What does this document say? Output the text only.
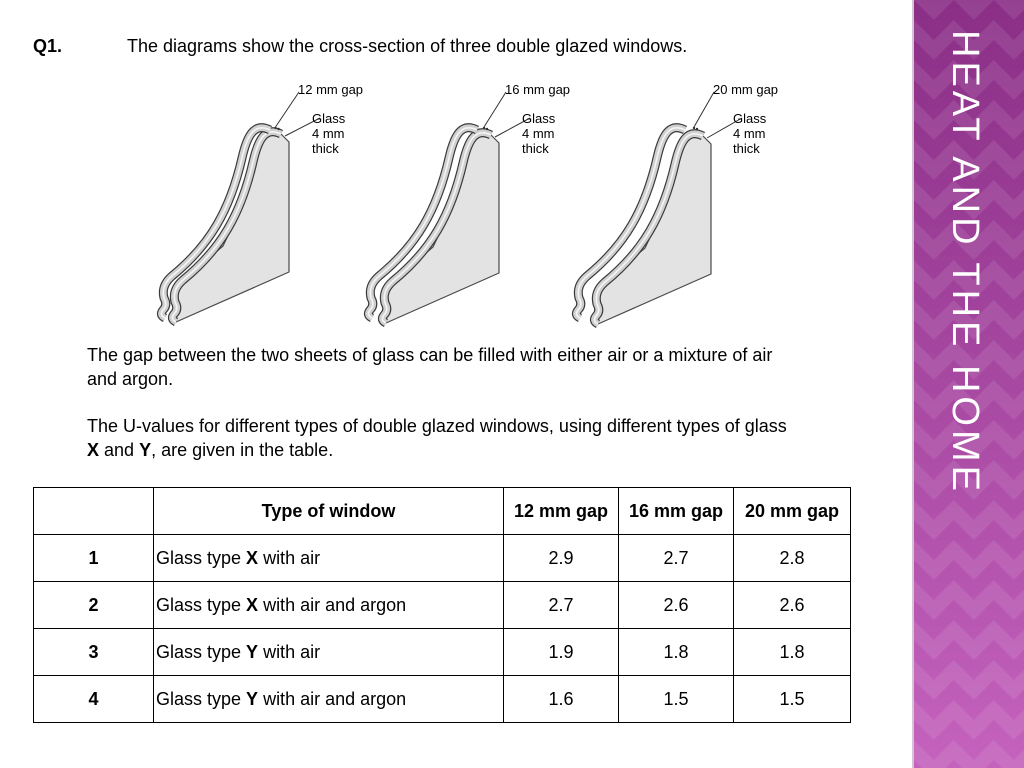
HEAT AND THE HOME
Q1.	The diagrams show the cross-section of three double glazed windows.
12 mm gap
Glass
4 mm
thick
16 mm gap
Glass
4 mm
thick
20 mm gap
Glass
4 mm
thick
The gap between the two sheets of glass can be filled with either air or a mixture of air
and argon.
The U-values for different types of double glazed windows, using different types of glass
X and Y, are given in the table.
	Type of window	12 mm gap	16 mm gap	20 mm gap
1	Glass type X with air	2.9	2.7	2.8
2	Glass type X with air and argon	2.7	2.6	2.6
3	Glass type Y with air	1.9	1.8	1.8
4	Glass type Y with air and argon	1.6	1.5	1.5
